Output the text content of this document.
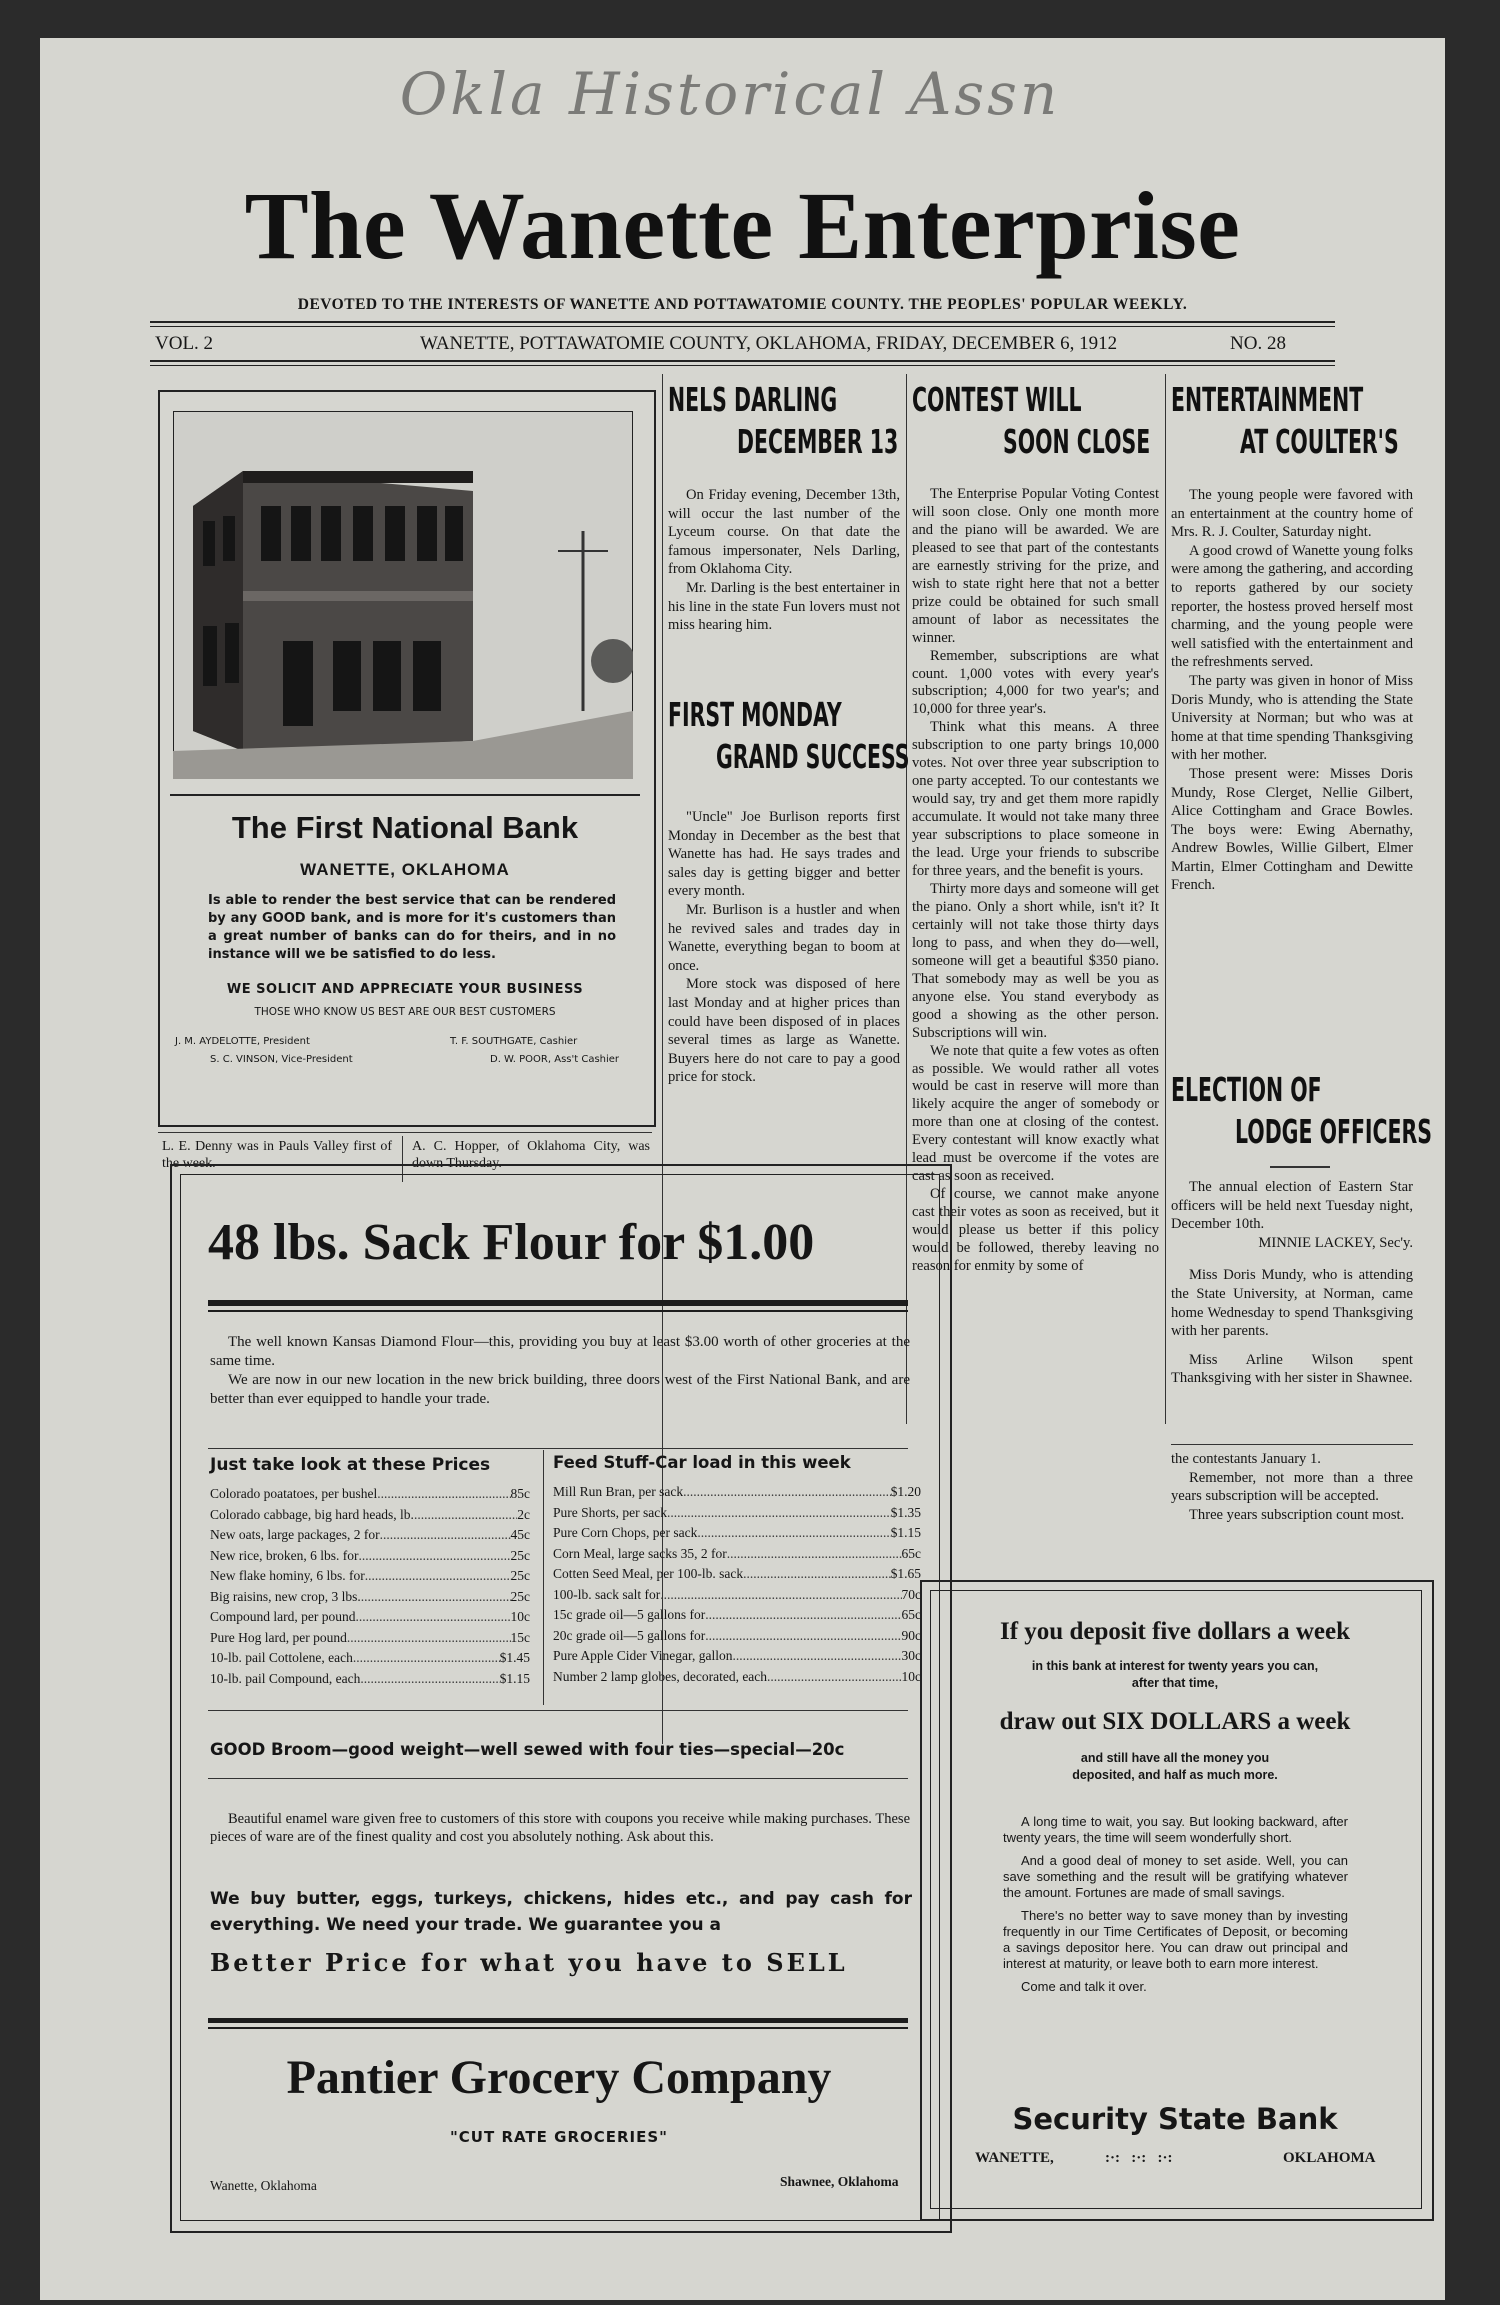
Okla Historical Assn
The Wanette Enterprise
DEVOTED TO THE INTERESTS OF WANETTE AND POTTAWATOMIE COUNTY. THE PEOPLES' POPULAR WEEKLY.
VOL. 2	WANETTE, POTTAWATOMIE COUNTY, OKLAHOMA, FRIDAY, DECEMBER 6, 1912	NO. 28
The First National Bank
WANETTE, OKLAHOMA
Is able to render the best service that can be rendered by any GOOD bank, and is more for it's customers than a great number of banks can do for theirs, and in no instance will we be satisfied to do less.
WE SOLICIT AND APPRECIATE YOUR BUSINESS
THOSE WHO KNOW US BEST ARE OUR BEST CUSTOMERS
J. M. AYDELOTTE, President	T. F. SOUTHGATE, Cashier
S. C. VINSON, Vice-President	D. W. POOR, Ass't Cashier
L. E. Denny was in Pauls Valley first of the week.
A. C. Hopper, of Oklahoma City, was down Thursday.
NELS DARLING
DECEMBER 13

On Friday evening, December 13th, will occur the last number of the Lyceum course. On that date the famous impersonater, Nels Darling, from Oklahoma City.

Mr. Darling is the best entertainer in his line in the state Fun lovers must not miss hearing him.

FIRST MONDAY
GRAND SUCCESS

"Uncle" Joe Burlison reports first Monday in December as the best that Wanette has had. He says trades and sales day is getting bigger and better every month.

Mr. Burlison is a hustler and when he revived sales and trades day in Wanette, everything began to boom at once.

More stock was disposed of here last Monday and at higher prices than could have been disposed of in places several times as large as Wanette. Buyers here do not care to pay a good price for stock.

CONTEST WILL
SOON CLOSE

The Enterprise Popular Voting Contest will soon close. Only one month more and the piano will be awarded. We are pleased to see that part of the contestants are earnestly striving for the prize, and wish to state right here that not a better prize could be obtained for such small amount of labor as necessitates the winner.

Remember, subscriptions are what count. 1,000 votes with every year's subscription; 4,000 for two year's; and 10,000 for three year's.

Think what this means. A three subscription to one party brings 10,000 votes. Not over three year subscription to one party accepted. To our contestants we would say, try and get them more rapidly accumulate. It would not take many three year subscriptions to place someone in the lead. Urge your friends to subscribe for three years, and the benefit is yours.

Thirty more days and someone will get the piano. Only a short while, isn't it? It certainly will not take those thirty days long to pass, and when they do—well, someone will get a beautiful $350 piano. That somebody may as well be you as anyone else. You stand everybody as good a showing as the other person. Subscriptions will win.

We note that quite a few votes as often as possible. We would rather all votes would be cast in reserve will more than likely acquire the anger of somebody or more than one at closing of the contest. Every contestant will know exactly what lead must be overcome if the votes are cast as soon as received.

Of course, we cannot make anyone cast their votes as soon as received, but it would please us better if this policy would be followed, thereby leaving no reason for enmity by some of

ENTERTAINMENT
AT COULTER'S

The young people were favored with an entertainment at the country home of Mrs. R. J. Coulter, Saturday night.

A good crowd of Wanette young folks were among the gathering, and according to reports gathered by our society reporter, the hostess proved herself most charming, and the young people were well satisfied with the entertainment and the refreshments served.

The party was given in honor of Miss Doris Mundy, who is attending the State University at Norman; but who was at home at that time spending Thanksgiving with her mother.

Those present were: Misses Doris Mundy, Rose Clerget, Nellie Gilbert, Alice Cottingham and Grace Bowles. The boys were: Ewing Abernathy, Andrew Bowles, Willie Gilbert, Elmer Martin, Elmer Cottingham and Dewitte French.

ELECTION OF
LODGE OFFICERS

The annual election of Eastern Star officers will be held next Tuesday night, December 10th.

MINNIE LACKEY, Sec'y.

Miss Doris Mundy, who is attending the State University, at Norman, came home Wednesday to spend Thanksgiving with her parents.

Miss Arline Wilson spent Thanksgiving with her sister in Shawnee.

the contestants January 1.

Remember, not more than a three years subscription will be accepted.

Three years subscription count most.

48 lbs. Sack Flour for $1.00

The well known Kansas Diamond Flour—this, providing you buy at least $3.00 worth of other groceries at the same time.

We are now in our new location in the new brick building, three doors west of the First National Bank, and are better than ever equipped to handle your trade.

Just take look at these Prices
Colorado poatatoes, per bushel .....	85c
Colorado cabbage, big hard heads, lb. .....	2c
New oats, large packages, 2 for .....	45c
New rice, broken, 6 lbs. for .....	25c
New flake hominy, 6 lbs. for .....	25c
Big raisins, new crop, 3 lbs. .....	25c
Compound lard, per pound .....	10c
Pure Hog lard, per pound .....	15c
10-lb. pail Cottolene, each .....	$1.45
10-lb. pail Compound, each .....	$1.15
Feed Stuff-Car load in this week
Mill Run Bran, per sack .....	$1.20
Pure Shorts, per sack .....	$1.35
Pure Corn Chops, per sack .....	$1.15
Corn Meal, large sacks 35, 2 for .....	65c
Cotten Seed Meal, per 100-lb. sack .....	$1.65
100-lb. sack salt for .....	70c
15c grade oil—5 gallons for .....	65c
20c grade oil—5 gallons for .....	90c
Pure Apple Cider Vinegar, gallon .....	30c
Number 2 lamp globes, decorated, each .....	10c
GOOD Broom—good weight—well sewed with four ties—special—20c

Beautiful enamel ware given free to customers of this store with coupons you receive while making purchases. These pieces of ware are of the finest quality and cost you absolutely nothing. Ask about this.

We buy butter, eggs, turkeys, chickens, hides etc., and pay cash for everything. We need your trade. We guarantee you a
Better Price for what you have to SELL
Pantier Grocery Company
"CUT RATE GROCERIES"
Wanette, Oklahoma	Shawnee, Oklahoma
If you deposit five dollars a week
in this bank at interest for twenty years you can, after that time,
draw out SIX DOLLARS a week
and still have all the money you deposited, and half as much more.

A long time to wait, you say. But looking backward, after twenty years, the time will seem wonderfully short.

And a good deal of money to set aside. Well, you can save something and the result will be gratifying whatever the amount. Fortunes are made of small savings.

There's no better way to save money than by investing frequently in our Time Certificates of Deposit, or becoming a savings depositor here. You can draw out principal and interest at maturity, or leave both to earn more interest.

Come and talk it over.

Security State Bank
WANETTE,	:·:   :·:   :·:	OKLAHOMA
